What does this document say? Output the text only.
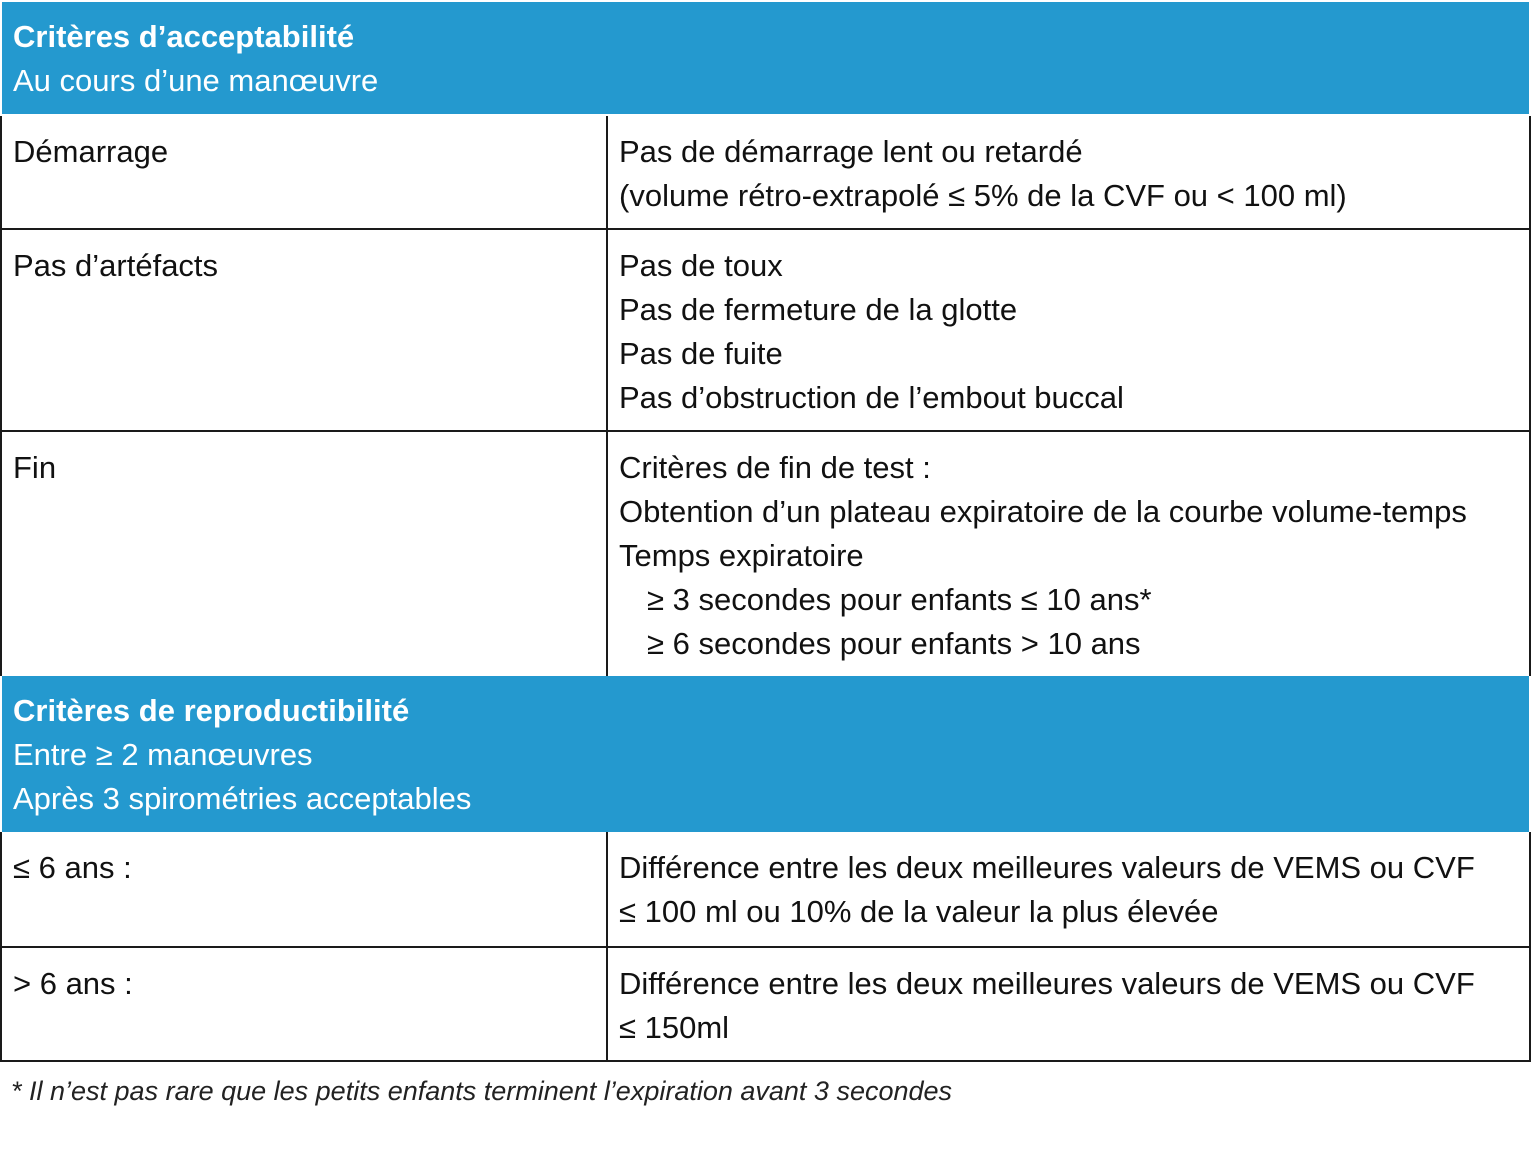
Critères d’acceptabilité
Au cours d’une manœuvre
Démarrage	Pas de démarrage lent ou retardé
(volume rétro-extrapolé ≤ 5% de la CVF ou < 100 ml)
Pas d’artéfacts	Pas de toux
Pas de fermeture de la glotte
Pas de fuite
Pas d’obstruction de l’embout buccal
Fin	Critères de fin de test :
Obtention d’un plateau expiratoire de la courbe volume-temps
Temps expiratoire
≥ 3 secondes pour enfants ≤ 10 ans*
≥ 6 secondes pour enfants > 10 ans
Critères de reproductibilité
Entre ≥ 2 manœuvres
Après 3 spirométries acceptables
≤ 6 ans :	Différence entre les deux meilleures valeurs de VEMS ou CVF
≤ 100 ml ou 10% de la valeur la plus élevée
> 6 ans :	Différence entre les deux meilleures valeurs de VEMS ou CVF
≤ 150ml
* Il n’est pas rare que les petits enfants terminent l’expiration avant 3 secondes
